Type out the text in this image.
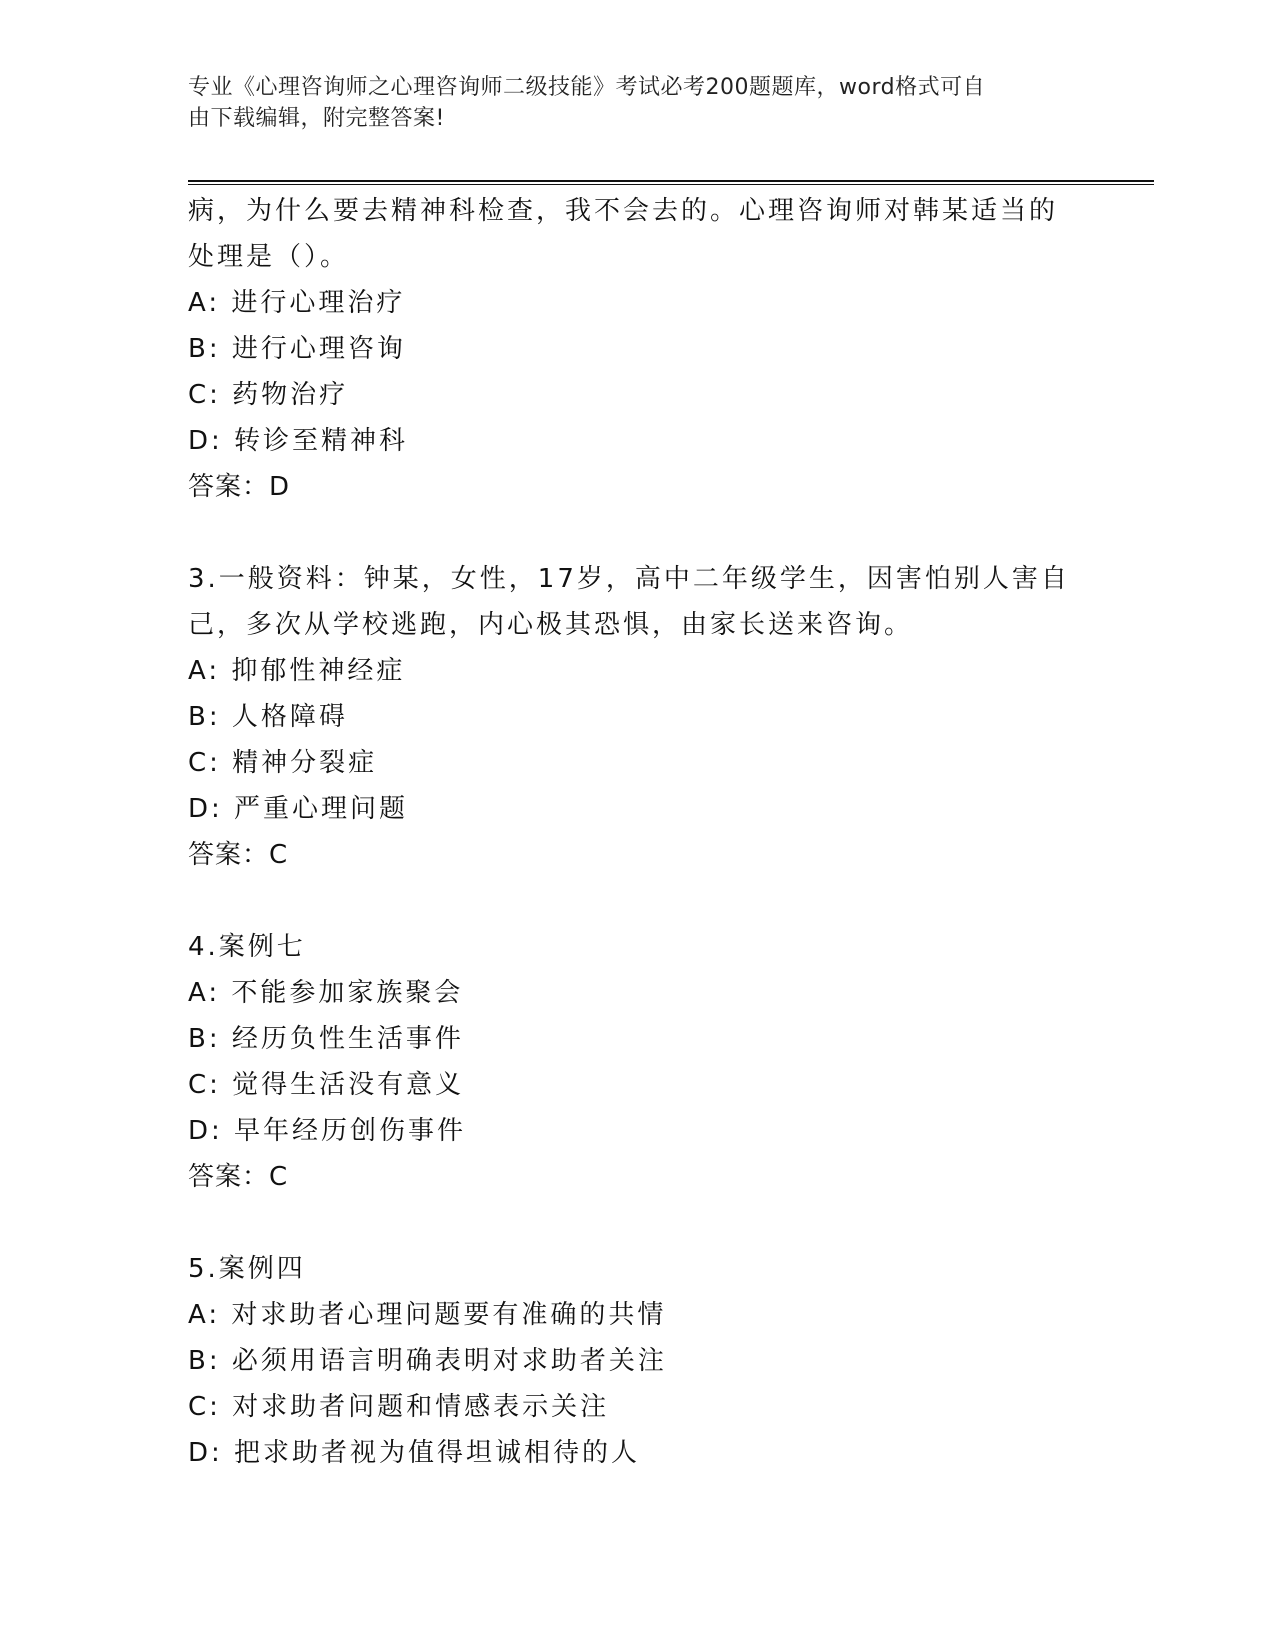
专业《心理咨询师之心理咨询师二级技能》考试必考200题题库，word格式可自
由下载编辑，附完整答案!
病，为什么要去精神科检查，我不会去的。心理咨询师对韩某适当的
处理是（）。
A: 进行心理治疗
B: 进行心理咨询
C: 药物治疗
D: 转诊至精神科
答案：D
3.一般资料：钟某，女性，17岁，高中二年级学生，因害怕别人害自
己，多次从学校逃跑，内心极其恐惧，由家长送来咨询。
A: 抑郁性神经症
B: 人格障碍
C: 精神分裂症
D: 严重心理问题
答案：C
4.案例七
A: 不能参加家族聚会
B: 经历负性生活事件
C: 觉得生活没有意义
D: 早年经历创伤事件
答案：C
5.案例四
A: 对求助者心理问题要有准确的共情
B: 必须用语言明确表明对求助者关注
C: 对求助者问题和情感表示关注
D: 把求助者视为值得坦诚相待的人
